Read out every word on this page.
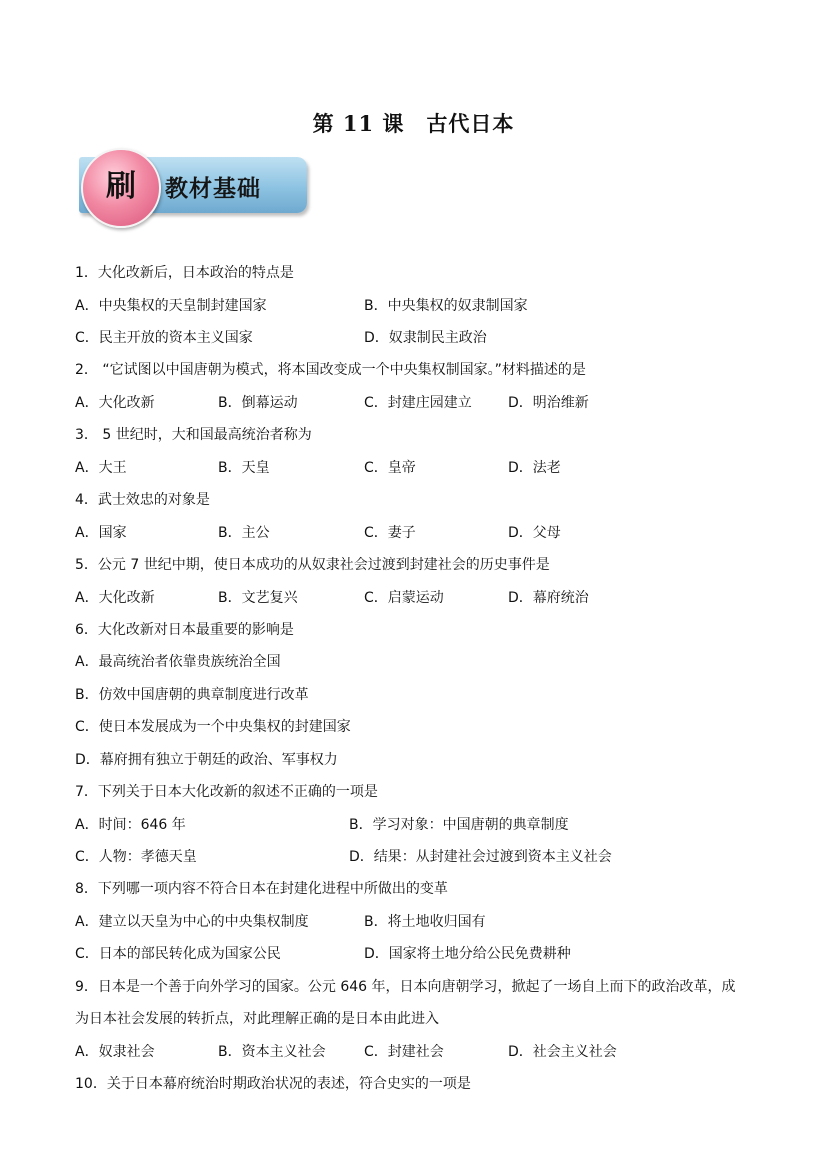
第 11 课　古代日本
刷	教材基础
1．大化改新后，日本政治的特点是
A．中央集权的天皇制封建国家	B．中央集权的奴隶制国家
C．民主开放的资本主义国家	D．奴隶制民主政治
2． “它试图以中国唐朝为模式，将本国改变成一个中央集权制国家。”材料描述的是
A．大化改新	B．倒幕运动	C．封建庄园建立	D．明治维新
3． 5 世纪时，大和国最高统治者称为
A．大王	B．天皇	C．皇帝	D．法老
4．武士效忠的对象是
A．国家	B．主公	C．妻子	D．父母
5．公元 7 世纪中期，使日本成功的从奴隶社会过渡到封建社会的历史事件是
A．大化改新	B．文艺复兴	C．启蒙运动	D．幕府统治
6．大化改新对日本最重要的影响是
A．最高统治者依靠贵族统治全国
B．仿效中国唐朝的典章制度进行改革
C．使日本发展成为一个中央集权的封建国家
D．幕府拥有独立于朝廷的政治、军事权力
7．下列关于日本大化改新的叙述不正确的一项是
A．时间：646 年	B．学习对象：中国唐朝的典章制度
C．人物：孝德天皇	D．结果：从封建社会过渡到资本主义社会
8．下列哪一项内容不符合日本在封建化进程中所做出的变革
A．建立以天皇为中心的中央集权制度	B．将土地收归国有
C．日本的部民转化成为国家公民	D．国家将土地分给公民免费耕种
9．日本是一个善于向外学习的国家。公元 646 年，日本向唐朝学习，掀起了一场自上而下的政治改革，成
为日本社会发展的转折点，对此理解正确的是日本由此进入
A．奴隶社会	B．资本主义社会	C．封建社会	D．社会主义社会
10．关于日本幕府统治时期政治状况的表述，符合史实的一项是
